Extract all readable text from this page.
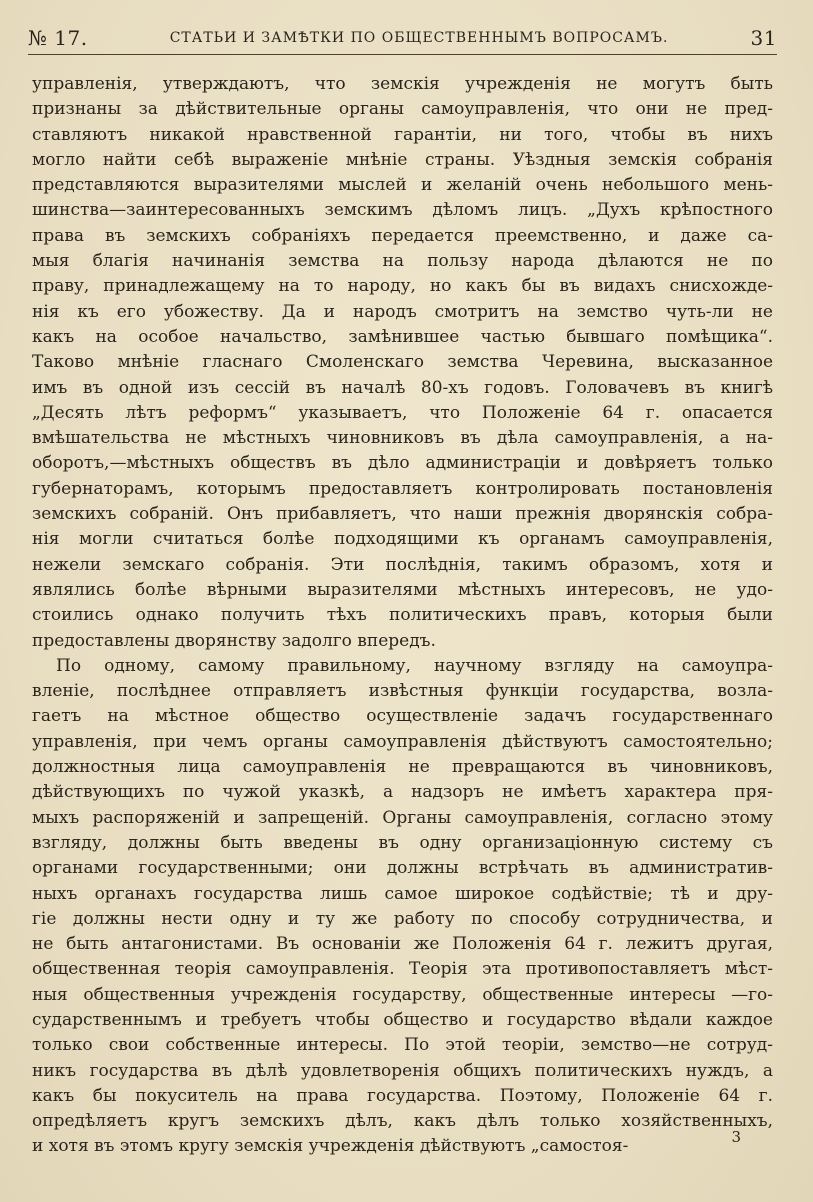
№ 17.	СТАТЬИ И ЗАМѢТКИ ПО ОБЩЕСТВЕННЫМЪ ВОПРОСАМЪ.	31
управленія, утверждаютъ, что земскія учрежденія не могутъ быть
признаны за дѣйствительные органы самоуправленія, что они не пред-
ставляютъ никакой нравственной гарантіи, ни того, чтобы въ нихъ
могло найти себѣ выраженіе мнѣніе страны. Уѣздныя земскія собранія
представляются выразителями мыслей и желаній очень небольшого мень-
шинства—заинтересованныхъ земскимъ дѣломъ лицъ. „Духъ крѣпостного
права въ земскихъ собраніяхъ передается преемственно, и даже са-
мыя благія начинанія земства на пользу народа дѣлаются не по
праву, принадлежащему на то народу, но какъ бы въ видахъ снисхожде-
нія къ его убожеству. Да и народъ смотритъ на земство чуть-ли не
какъ на особое начальство, замѣнившее частью бывшаго помѣщика“.
Таково мнѣніе гласнаго Смоленскаго земства Черевина, высказанное
имъ въ одной изъ сессій въ началѣ 80-хъ годовъ. Головачевъ въ книгѣ
„Десять лѣтъ реформъ“ указываетъ, что Положеніе 64 г. опасается
вмѣшательства не мѣстныхъ чиновниковъ въ дѣла самоуправленія, а на-
оборотъ,—мѣстныхъ обществъ въ дѣло администраціи и довѣряетъ только
губернаторамъ, которымъ предоставляетъ контролировать постановленія
земскихъ собраній. Онъ прибавляетъ, что наши прежнія дворянскія собра-
нія могли считаться болѣе подходящими къ органамъ самоуправленія,
нежели земскаго собранія. Эти послѣднія, такимъ образомъ, хотя и
являлись болѣе вѣрными выразителями мѣстныхъ интересовъ, не удо-
стоились однако получить тѣхъ политическихъ правъ, которыя были
предоставлены дворянству задолго впередъ.
По одному, самому правильному, научному взгляду на самоупра-
вленіе, послѣднее отправляетъ извѣстныя функціи государства, возла-
гаетъ на мѣстное общество осуществленіе задачъ государственнаго
управленія, при чемъ органы самоуправленія дѣйствуютъ самостоятельно;
должностныя лица самоуправленія не превращаются въ чиновниковъ,
дѣйствующихъ по чужой указкѣ, а надзоръ не имѣетъ характера пря-
мыхъ распоряженій и запрещеній. Органы самоуправленія, согласно этому
взгляду, должны быть введены въ одну организаціонную систему съ
органами государственными; они должны встрѣчать въ административ-
ныхъ органахъ государства лишь самое широкое содѣйствіе; тѣ и дру-
гіе должны нести одну и ту же работу по способу сотрудничества, и
не быть антагонистами. Въ основаніи же Положенія 64 г. лежитъ другая,
общественная теорія самоуправленія. Теорія эта противопоставляетъ мѣст-
ныя общественныя учрежденія государству, общественные интересы —го-
сударственнымъ и требуетъ чтобы общество и государство вѣдали каждое
только свои собственные интересы. По этой теоріи, земство—не сотруд-
никъ государства въ дѣлѣ удовлетворенія общихъ политическихъ нуждъ, а
какъ бы покуситель на права государства. Поэтому, Положеніе 64 г.
опредѣляетъ кругъ земскихъ дѣлъ, какъ дѣлъ только хозяйственныхъ,
и хотя въ этомъ кругу земскія учрежденія дѣйствуютъ „самостоя-	3
